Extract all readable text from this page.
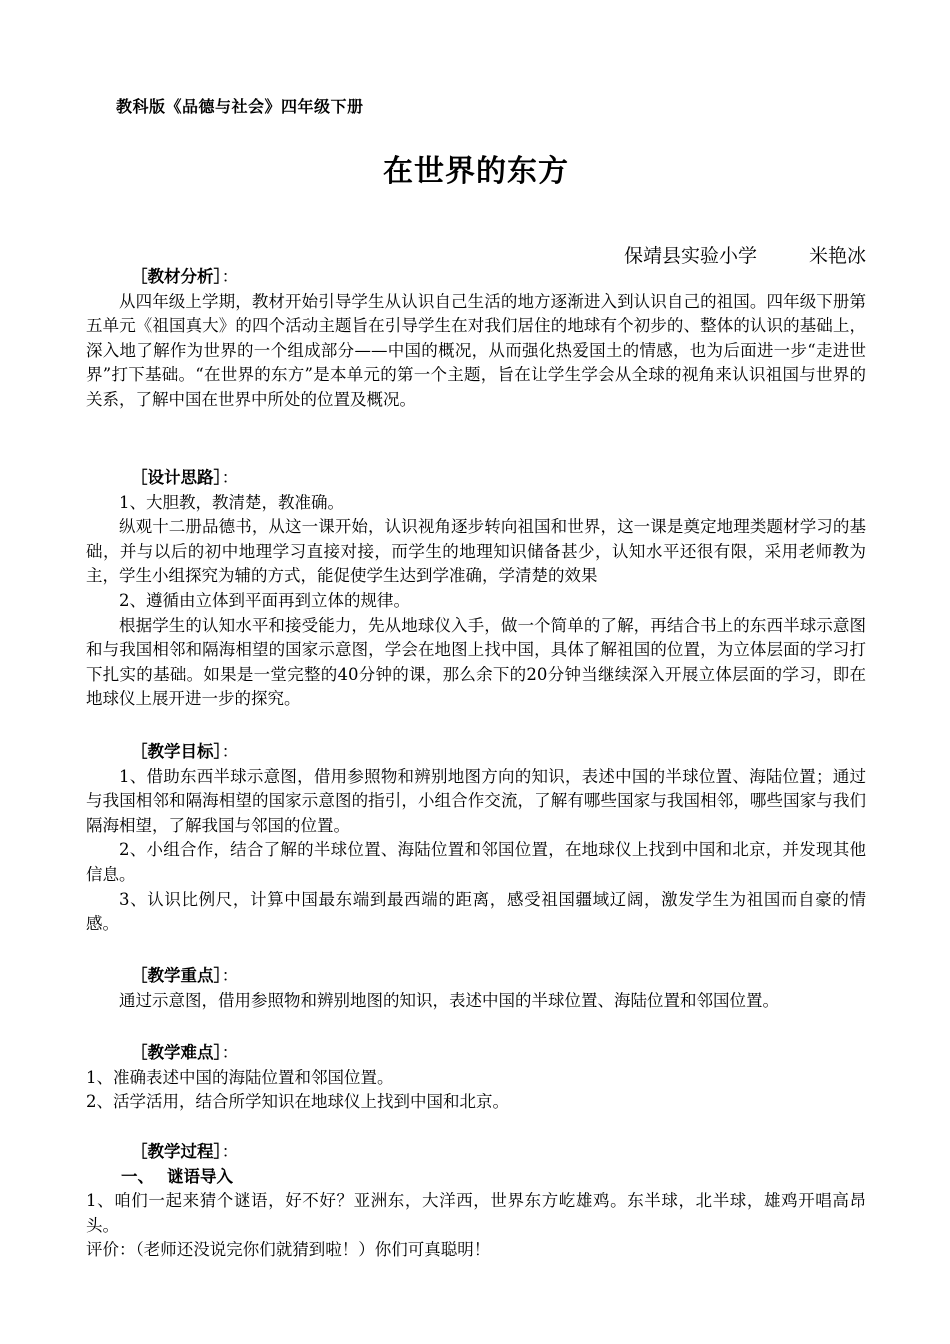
教科版《品德与社会》四年级下册
在世界的东方
保靖县实验小学	米艳冰
［教材分析］：
从四年级上学期，教材开始引导学生从认识自己生活的地方逐渐进入到认识自己的祖国。四年级下册第五单元《祖国真大》的四个活动主题旨在引导学生在对我们居住的地球有个初步的、整体的认识的基础上，深入地了解作为世界的一个组成部分——中国的概况，从而强化热爱国土的情感，也为后面进一步“走进世界”打下基础。“在世界的东方”是本单元的第一个主题，旨在让学生学会从全球的视角来认识祖国与世界的关系，了解中国在世界中所处的位置及概况。
［设计思路］：
1、大胆教，教清楚，教准确。
纵观十二册品德书，从这一课开始，认识视角逐步转向祖国和世界，这一课是奠定地理类题材学习的基础，并与以后的初中地理学习直接对接，而学生的地理知识储备甚少，认知水平还很有限，采用老师教为主，学生小组探究为辅的方式，能促使学生达到学准确，学清楚的效果
2、遵循由立体到平面再到立体的规律。
根据学生的认知水平和接受能力，先从地球仪入手，做一个简单的了解，再结合书上的东西半球示意图和与我国相邻和隔海相望的国家示意图，学会在地图上找中国，具体了解祖国的位置，为立体层面的学习打下扎实的基础。如果是一堂完整的40分钟的课，那么余下的20分钟当继续深入开展立体层面的学习，即在地球仪上展开进一步的探究。
［教学目标］：
1、借助东西半球示意图，借用参照物和辨别地图方向的知识，表述中国的半球位置、海陆位置；通过与我国相邻和隔海相望的国家示意图的指引，小组合作交流，了解有哪些国家与我国相邻，哪些国家与我们隔海相望，了解我国与邻国的位置。
2、小组合作，结合了解的半球位置、海陆位置和邻国位置，在地球仪上找到中国和北京，并发现其他信息。
3、认识比例尺，计算中国最东端到最西端的距离，感受祖国疆域辽阔，激发学生为祖国而自豪的情感。
［教学重点］：
通过示意图，借用参照物和辨别地图的知识，表述中国的半球位置、海陆位置和邻国位置。
［教学难点］：
1、准确表述中国的海陆位置和邻国位置。
2、活学活用，结合所学知识在地球仪上找到中国和北京。
［教学过程］：
一、 谜语导入
1、咱们一起来猜个谜语，好不好？亚洲东，大洋西，世界东方屹雄鸡。东半球，北半球，雄鸡开唱高昂头。
评价：（老师还没说完你们就猜到啦！）你们可真聪明！
